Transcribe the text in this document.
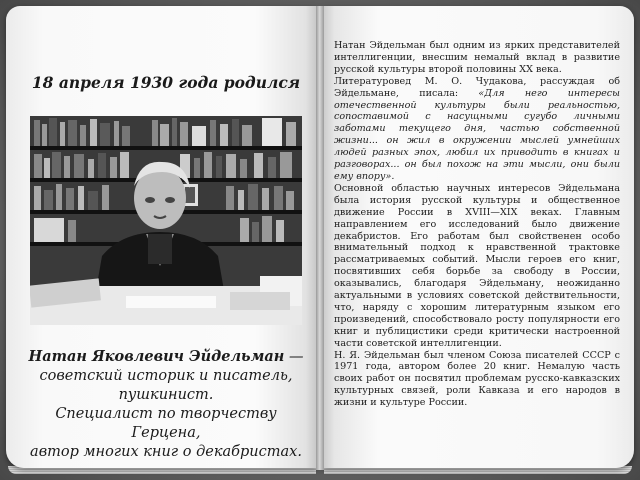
18 апреля 1930 года родился
Натан Яковлевич Эйдельман —
советский историк и писатель,
пушкинист.
Специалист по творчеству Герцена,
автор многих книг о декабристах.

Натан Эйдельман был одним из ярких представителей интеллигенции, внесшим немалый вклад в развитие русской культуры второй половины XX века.

Литературовед М. О. Чудакова, рассуждая об Эйдельмане, писала: «Для него интересы отечественной культуры были реальностью, сопоставимой с насущными сугубо личными заботами текущего дня, частью собственной жизни... он жил в окружении мыслей умнейших людей разных эпох, любил их приводить в книгах и разговорах... он был похож на эти мысли, они были ему впору».

Основной областью научных интересов Эйдельмана была история русской культуры и общественное движение России в XVIII—XIX веках. Главным направлением его исследований было движение декабристов. Его работам был свойственен особо внимательный подход к нравственной трактовке рассматриваемых событий. Мысли героев его книг, посвятивших себя борьбе за свободу в России, оказывались, благодаря Эйдельману, неожиданно актуальными в условиях советской действительности, что, наряду с хорошим литературным языком его произведений, способствовало росту популярности его книг и публицистики среди критически настроенной части советской интеллигенции.

Н. Я. Эйдельман был членом Союза писателей СССР с 1971 года, автором более 20 книг. Немалую часть своих работ он посвятил проблемам русско-кавказских культурных связей, роли Кавказа и его народов в жизни и культуре России.
